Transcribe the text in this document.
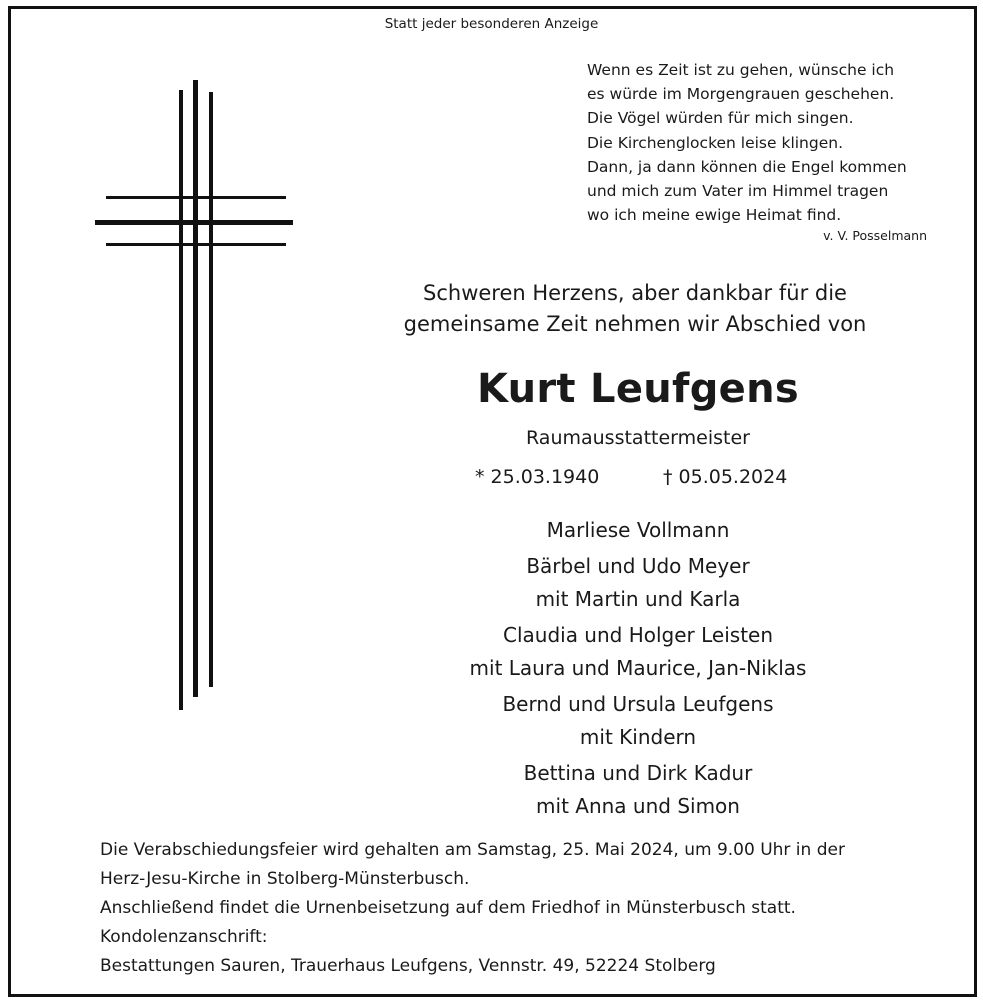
Statt jeder besonderen Anzeige
Wenn es Zeit ist zu gehen, wünsche ich
es würde im Morgengrauen geschehen.
Die Vögel würden für mich singen.
Die Kirchenglocken leise klingen.
Dann, ja dann können die Engel kommen
und mich zum Vater im Himmel tragen
wo ich meine ewige Heimat find.
v. V. Posselmann
Schweren Herzens, aber dankbar für die
gemeinsame Zeit nehmen wir Abschied von
Kurt Leufgens
Raumausstattermeister
* 25.03.1940	† 05.05.2024
Marliese Vollmann
Bärbel und Udo Meyer
mit Martin und Karla
Claudia und Holger Leisten
mit Laura und Maurice, Jan-Niklas
Bernd und Ursula Leufgens
mit Kindern
Bettina und Dirk Kadur
mit Anna und Simon
Die Verabschiedungsfeier wird gehalten am Samstag, 25. Mai 2024, um 9.00 Uhr in der
Herz-Jesu-Kirche in Stolberg-Münsterbusch.
Anschließend findet die Urnenbeisetzung auf dem Friedhof in Münsterbusch statt.
Kondolenzanschrift:
Bestattungen Sauren, Trauerhaus Leufgens, Vennstr. 49, 52224 Stolberg
